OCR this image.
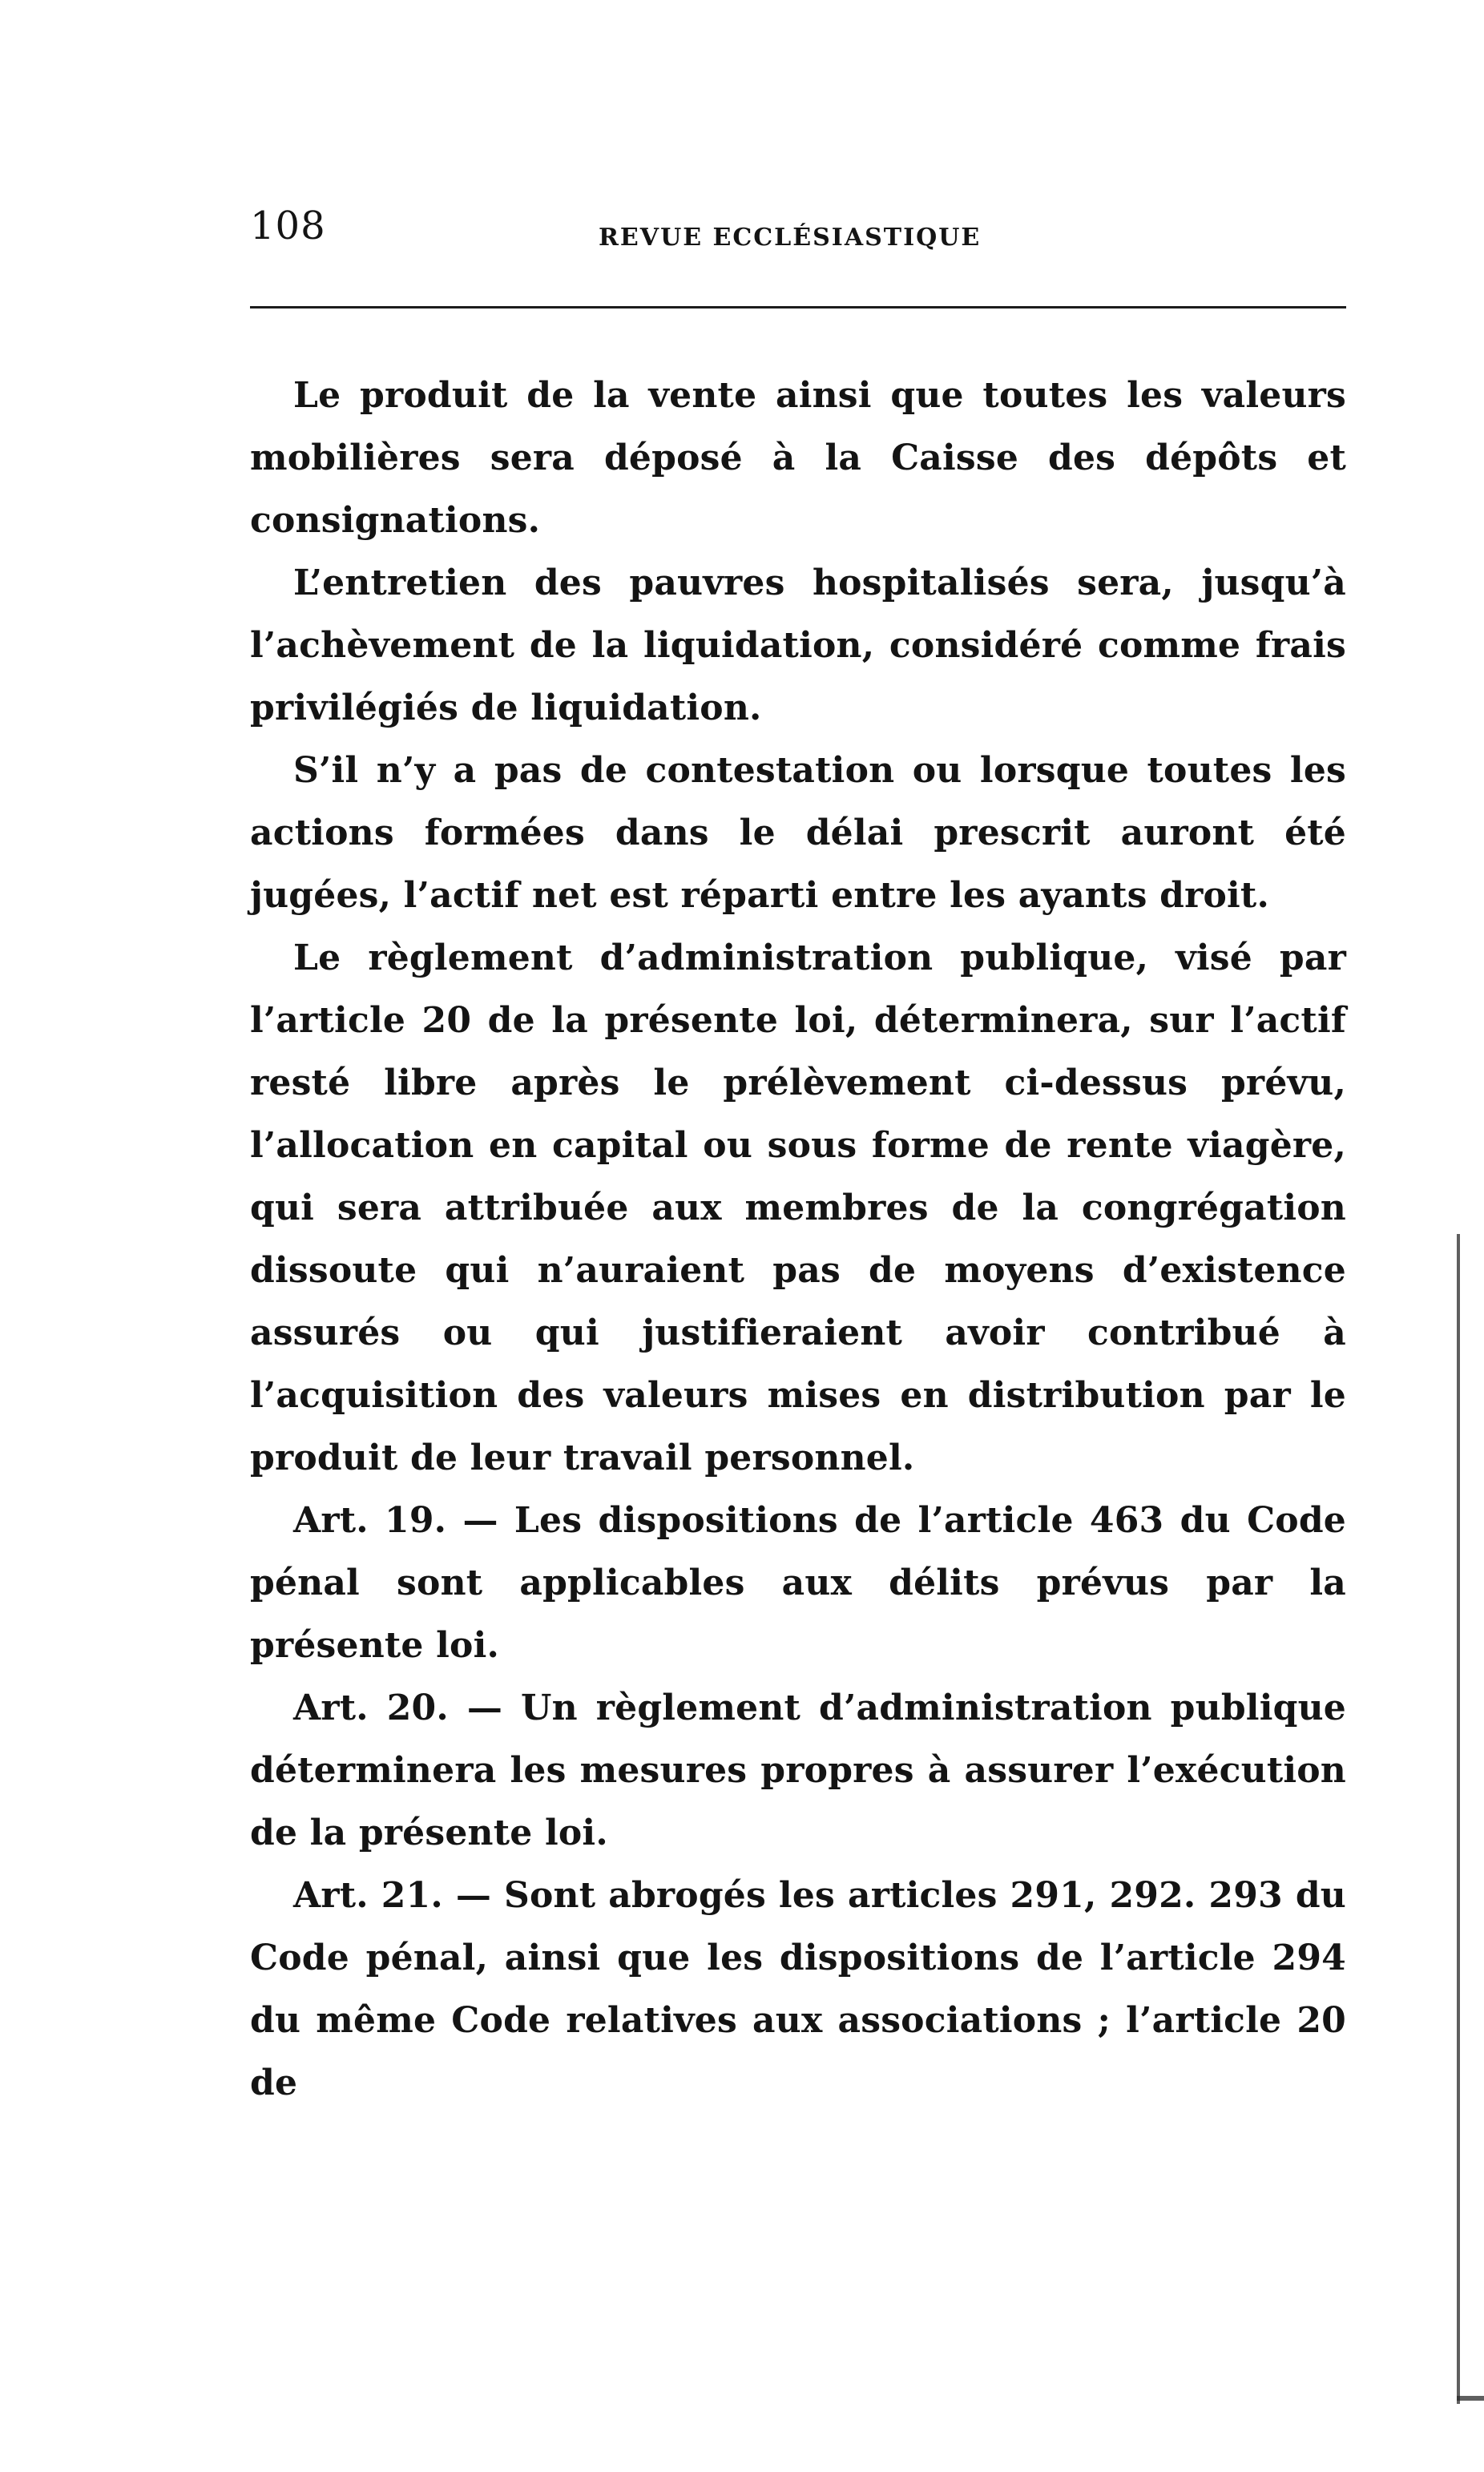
108	REVUE ECCLÉSIASTIQUE

Le produit de la vente ainsi que toutes les valeurs mobilières sera déposé à la Caisse des dépôts et consignations.

L’entretien des pauvres hospitalisés sera, jusqu’à l’achèvement de la liquidation, considéré comme frais privilégiés de liquidation.

S’il n’y a pas de contestation ou lorsque toutes les actions formées dans le délai prescrit auront été jugées, l’actif net est réparti entre les ayants droit.

Le règlement d’administration publique, visé par l’article 20 de la présente loi, déterminera, sur l’actif resté libre après le prélèvement ci-dessus prévu, l’allocation en capital ou sous forme de rente viagère, qui sera attribuée aux membres de la congrégation dissoute qui n’auraient pas de moyens d’existence assurés ou qui justifieraient avoir contribué à l’acquisition des valeurs mises en distribution par le produit de leur travail personnel.

Art. 19. — Les dispositions de l’article 463 du Code pénal sont applicables aux délits prévus par la présente loi.

Art. 20. — Un règlement d’administration publique déterminera les mesures propres à assurer l’exécution de la présente loi.

Art. 21. — Sont abrogés les articles 291, 292. 293 du Code pénal, ainsi que les dispositions de l’article 294 du même Code relatives aux associations ; l’article 20 de
